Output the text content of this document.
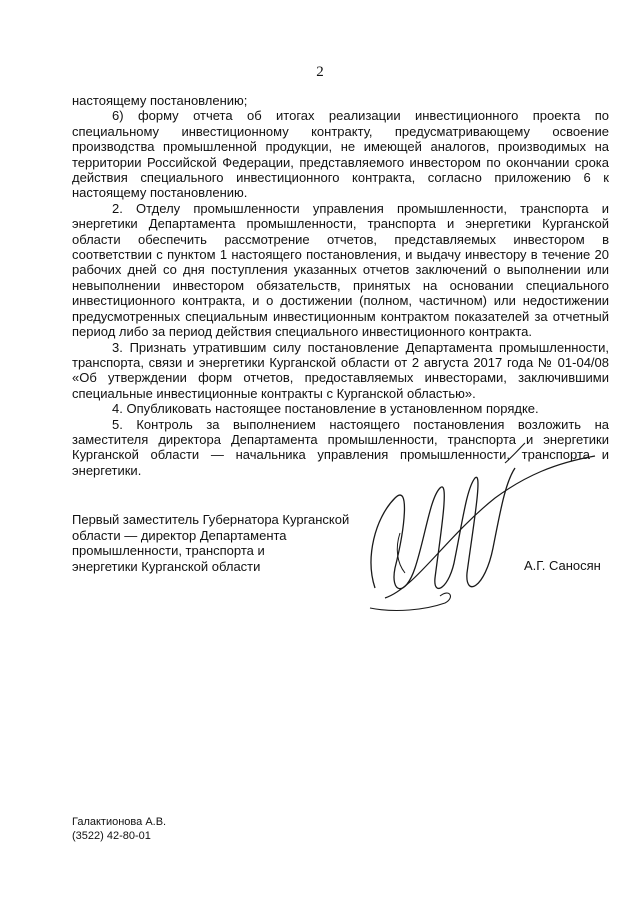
2

настоящему постановлению;

6) форму отчета об итогах реализации инвестиционного проекта по специальному инвестиционному контракту, предусматривающему освоение производства промышленной продукции, не имеющей аналогов, производимых на территории Российской Федерации, представляемого инвестором по окончании срока действия специального инвестиционного контракта, согласно приложению 6 к настоящему постановлению.

2. Отделу промышленности управления промышленности, транспорта и энергетики Департамента промышленности, транспорта и энергетики Курганской области обеспечить рассмотрение отчетов, представляемых инвестором в соответствии с пунктом 1 настоящего постановления, и выдачу инвестору в течение 20 рабочих дней со дня поступления указанных отчетов заключений о выполнении или невыполнении инвестором обязательств, принятых на основании специального инвестиционного контракта, и о достижении (полном, частичном) или недостижении предусмотренных специальным инвестиционным контрактом показателей за отчетный период либо за период действия специального инвестиционного контракта.

3. Признать утратившим силу постановление Департамента промышленности, транспорта, связи и энергетики Курганской области от 2 августа 2017 года № 01-04/08 «Об утверждении форм отчетов, предоставляемых инвесторами, заключившими специальные инвестиционные контракты с Курганской областью».

4. Опубликовать настоящее постановление в установленном порядке.

5. Контроль за выполнением настоящего постановления возложить на заместителя директора Департамента промышленности, транспорта и энергетики Курганской области — начальника управления промышленности, транспорта и энергетики.

Первый заместитель Губернатора Курганской
области — директор Департамента
промышленности, транспорта и
энергетики Курганской области	А.Г. Саносян
Галактионова А.В.
(3522) 42-80-01
